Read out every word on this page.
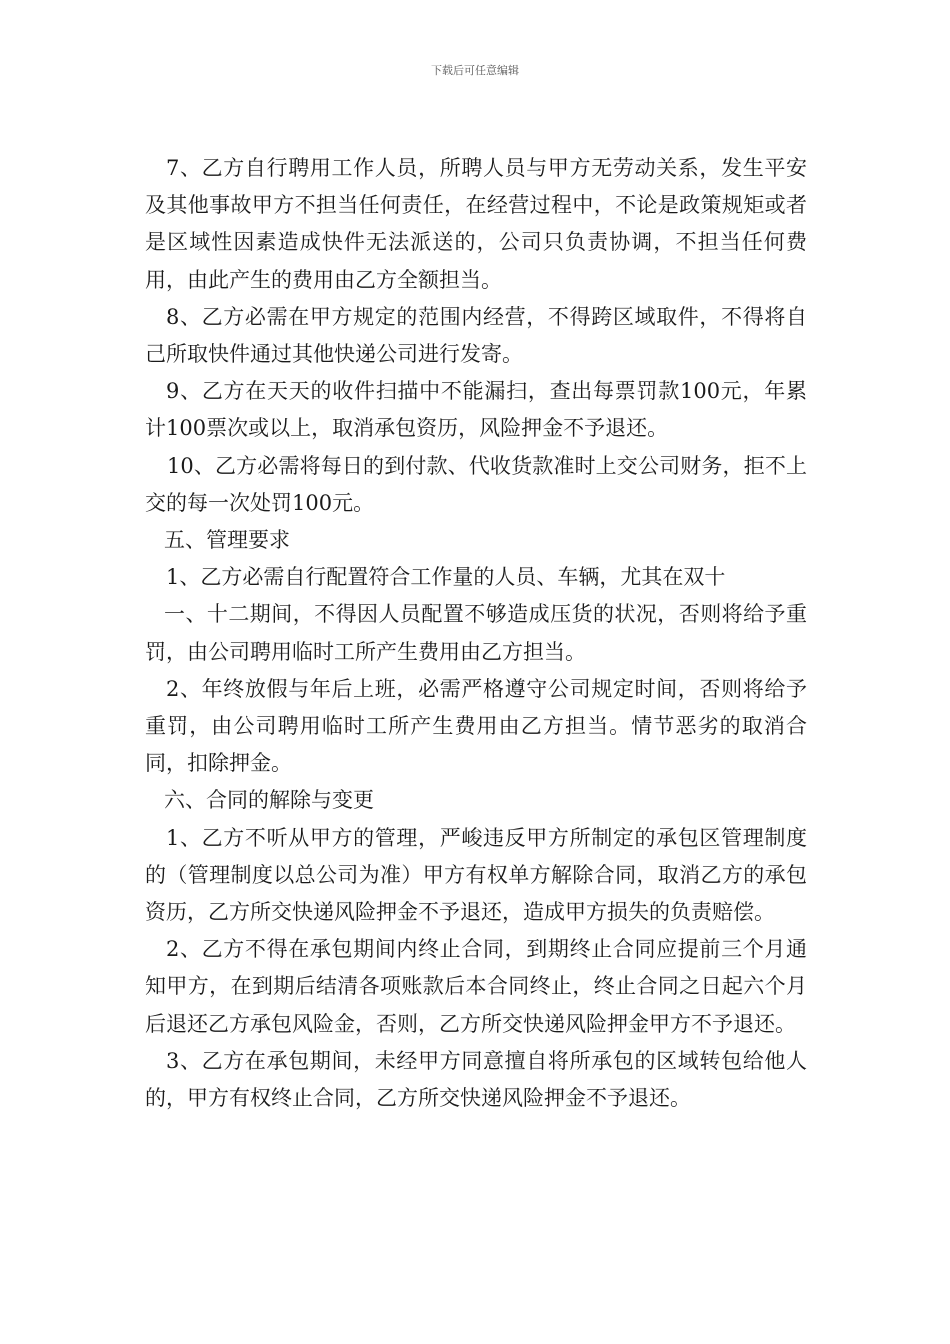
下载后可任意编辑

7、乙方自行聘用工作人员，所聘人员与甲方无劳动关系，发生平安及其他事故甲方不担当任何责任，在经营过程中，不论是政策规矩或者是区域性因素造成快件无法派送的，公司只负责协调，不担当任何费用，由此产生的费用由乙方全额担当。

8、乙方必需在甲方规定的范围内经营，不得跨区域取件，不得将自己所取快件通过其他快递公司进行发寄。

9、乙方在天天的收件扫描中不能漏扫，查出每票罚款100元，年累计100票次或以上，取消承包资历，风险押金不予退还。

10、乙方必需将每日的到付款、代收货款准时上交公司财务，拒不上交的每一次处罚100元。

五、管理要求

1、乙方必需自行配置符合工作量的人员、车辆，尤其在双十

一、十二期间，不得因人员配置不够造成压货的状况，否则将给予重罚，由公司聘用临时工所产生费用由乙方担当。

2、年终放假与年后上班，必需严格遵守公司规定时间，否则将给予重罚，由公司聘用临时工所产生费用由乙方担当。情节恶劣的取消合同，扣除押金。

六、合同的解除与变更

1、乙方不听从甲方的管理，严峻违反甲方所制定的承包区管理制度的（管理制度以总公司为准）甲方有权单方解除合同，取消乙方的承包资历，乙方所交快递风险押金不予退还，造成甲方损失的负责赔偿。

2、乙方不得在承包期间内终止合同，到期终止合同应提前三个月通知甲方，在到期后结清各项账款后本合同终止，终止合同之日起六个月后退还乙方承包风险金，否则，乙方所交快递风险押金甲方不予退还。

3、乙方在承包期间，未经甲方同意擅自将所承包的区域转包给他人的，甲方有权终止合同，乙方所交快递风险押金不予退还。
